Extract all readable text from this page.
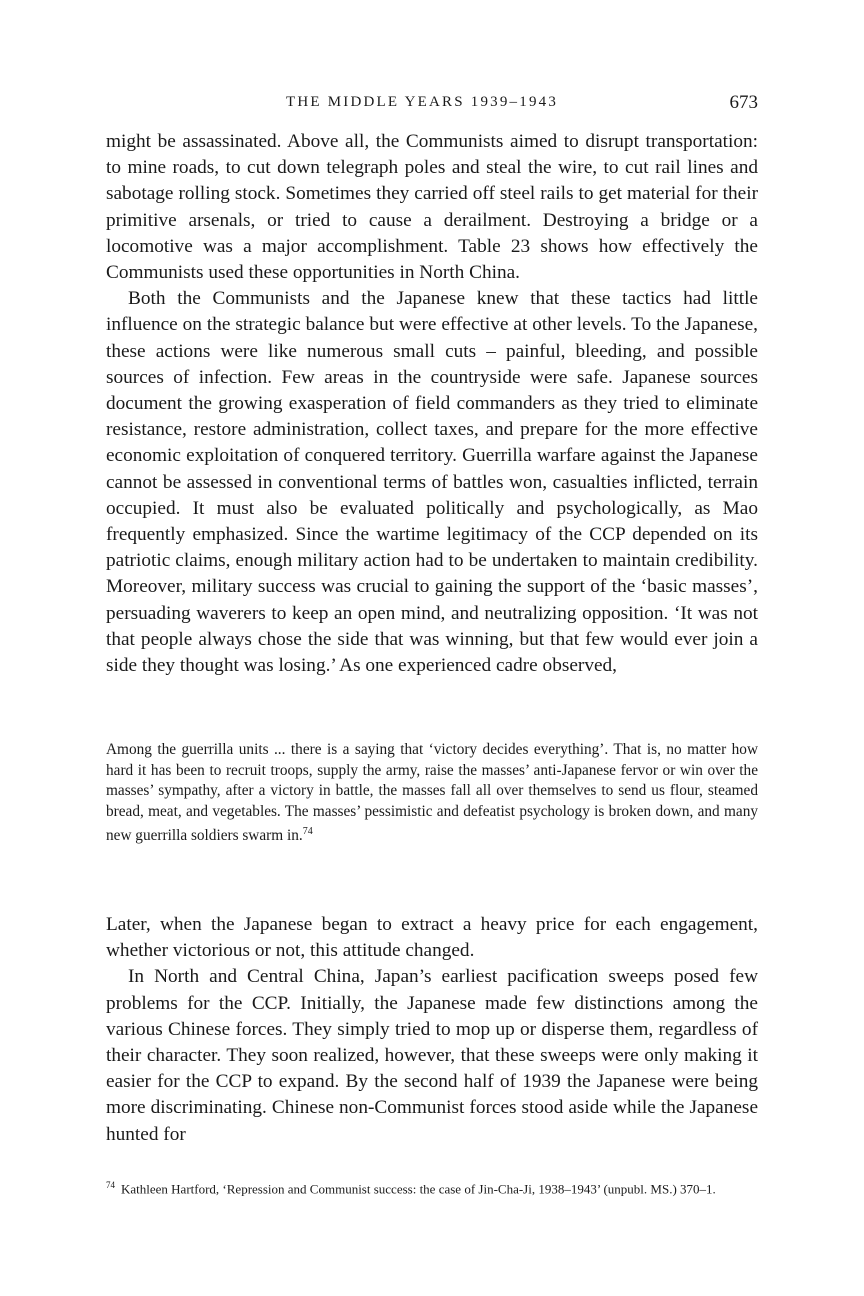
THE MIDDLE YEARS 1939–1943	673

might be assassinated. Above all, the Communists aimed to disrupt transportation: to mine roads, to cut down telegraph poles and steal the wire, to cut rail lines and sabotage rolling stock. Sometimes they carried off steel rails to get material for their primitive arsenals, or tried to cause a derailment. Destroying a bridge or a locomotive was a major accomplishment. Table 23 shows how effectively the Communists used these opportunities in North China.

Both the Communists and the Japanese knew that these tactics had little influence on the strategic balance but were effective at other levels. To the Japanese, these actions were like numerous small cuts – painful, bleeding, and possible sources of infection. Few areas in the countryside were safe. Japanese sources document the growing exasperation of field commanders as they tried to eliminate resistance, restore administration, collect taxes, and prepare for the more effective economic exploitation of conquered territory. Guerrilla warfare against the Japanese cannot be assessed in conventional terms of battles won, casualties inflicted, terrain occupied. It must also be evaluated politically and psychologically, as Mao frequently emphasized. Since the wartime legitimacy of the CCP depended on its patriotic claims, enough military action had to be undertaken to maintain credibility. Moreover, military success was crucial to gaining the support of the ‘basic masses’, persuading waverers to keep an open mind, and neutralizing opposition. ‘It was not that people always chose the side that was winning, but that few would ever join a side they thought was losing.’ As one experienced cadre observed,

Among the guerrilla units ... there is a saying that ‘victory decides everything’. That is, no matter how hard it has been to recruit troops, supply the army, raise the masses’ anti-Japanese fervor or win over the masses’ sympathy, after a victory in battle, the masses fall all over themselves to send us flour, steamed bread, meat, and vegetables. The masses’ pessimistic and defeatist psychology is broken down, and many new guerrilla soldiers swarm in.$^{74}$

Later, when the Japanese began to extract a heavy price for each engagement, whether victorious or not, this attitude changed.

In North and Central China, Japan’s earliest pacification sweeps posed few problems for the CCP. Initially, the Japanese made few distinctions among the various Chinese forces. They simply tried to mop up or disperse them, regardless of their character. They soon realized, however, that these sweeps were only making it easier for the CCP to expand. By the second half of 1939 the Japanese were being more discriminating. Chinese non-Communist forces stood aside while the Japanese hunted for

$^{74}$ Kathleen Hartford, ‘Repression and Communist success: the case of Jin-Cha-Ji, 1938–1943’ (unpubl. MS.) 370–1.
